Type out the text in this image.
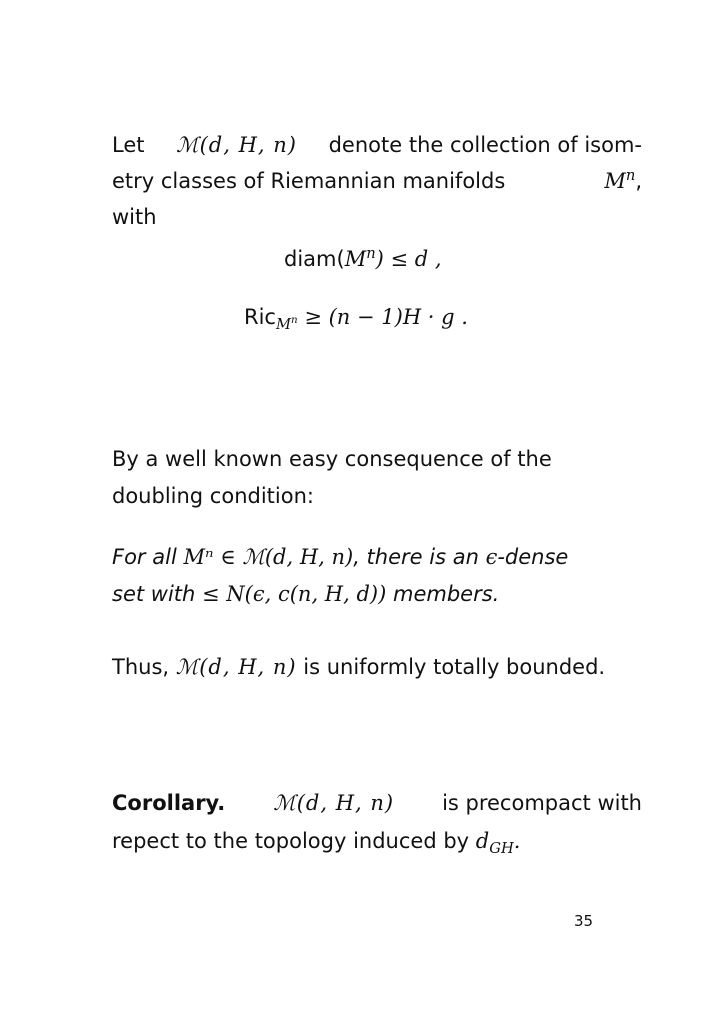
Let ℳ(d, H, n) denote the collection of isom-
etry classes of Riemannian manifolds	$M^n$,
with
$diam(M^n) \le d$ ,
Ric$_{M^n}$ ≥ (n − 1)H · g .
By a well known easy consequence of the
doubling condition:
For all Mⁿ ∈ ℳ(d, H, n), there is an ϵ-dense
set with ≤ N(ϵ, c(n, H, d)) members.
Thus, ℳ(d, H, n) is uniformly totally bounded.
Corollary. ℳ(d, H, n) is precompact with
repect to the topology induced by $d_{GH}$.
35
